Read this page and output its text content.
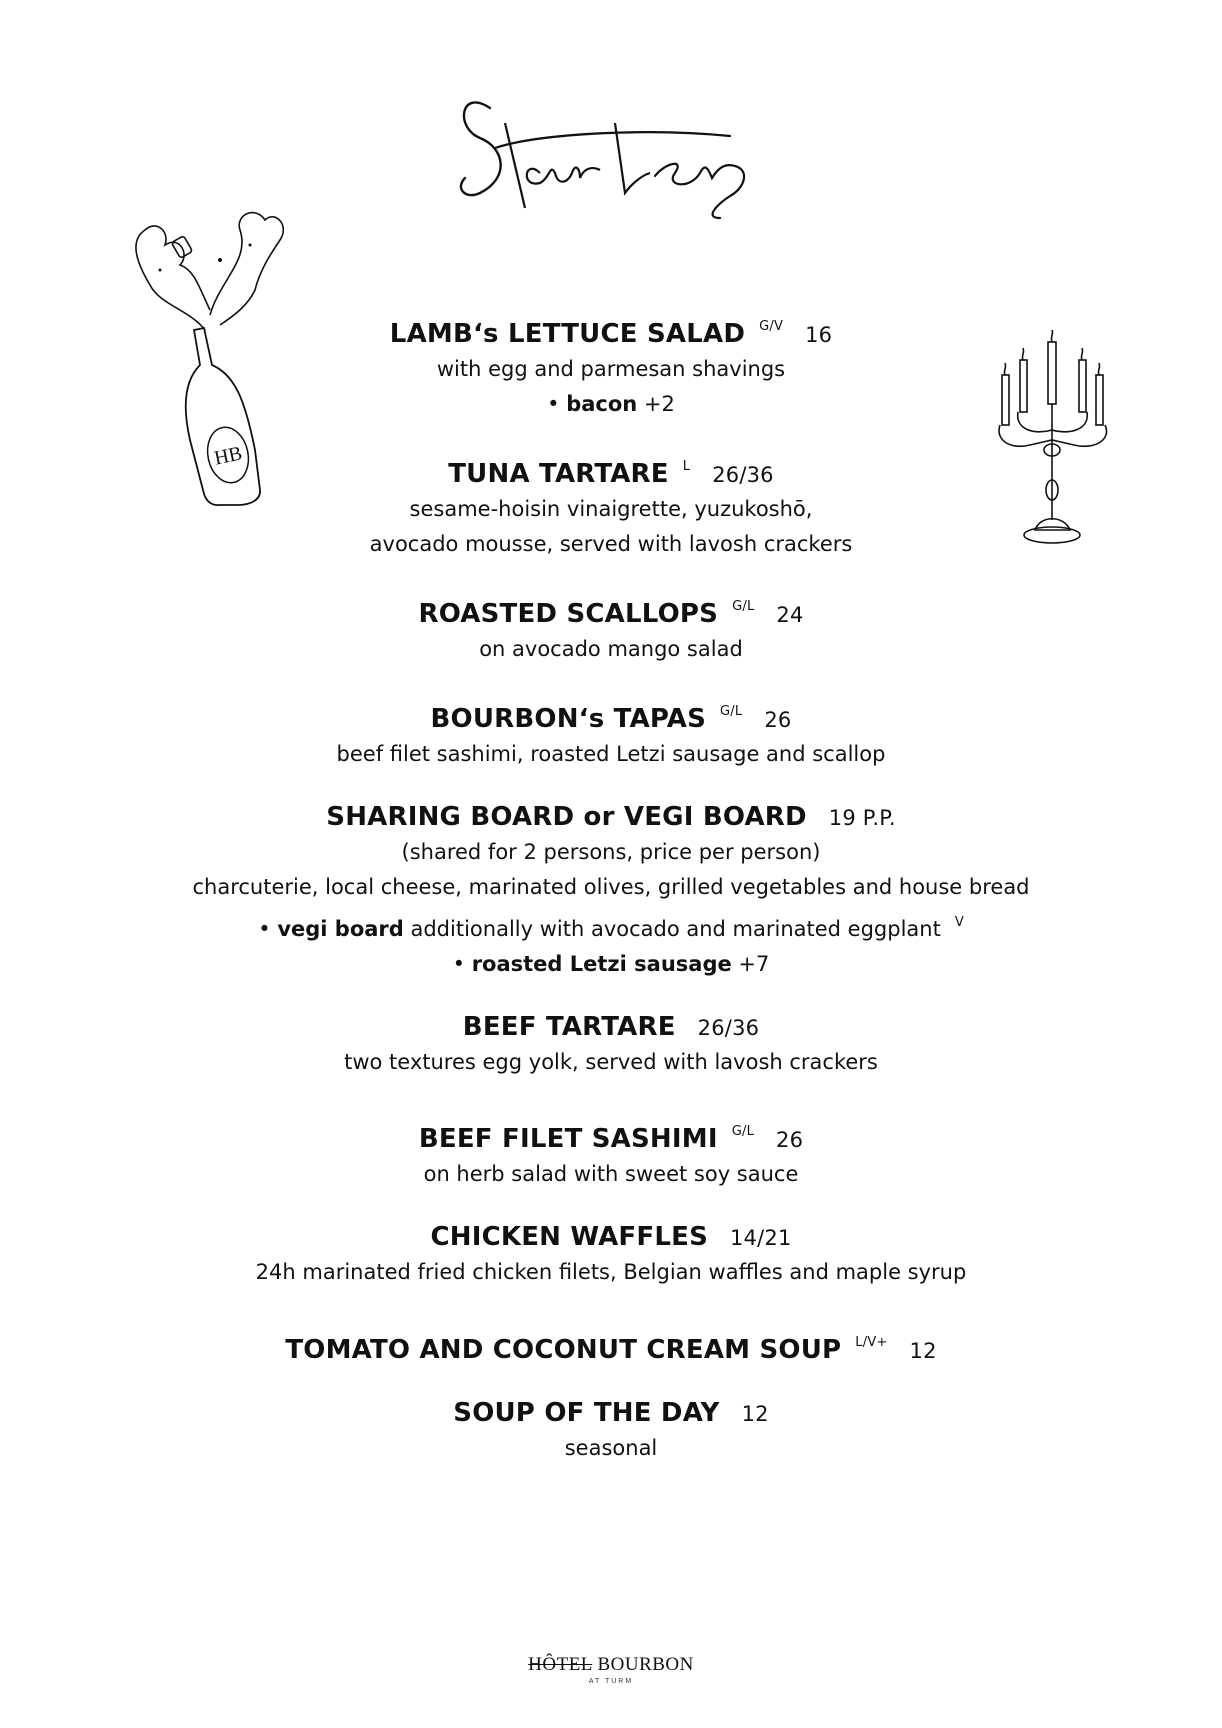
Starters
HB
LAMB‘s LETTUCE SALAD $^{G/V}$ 16
with egg and parmesan shavings
• bacon +2
TUNA TARTARE $^L$ 26/36
sesame-hoisin vinaigrette, yuzukoshō,
avocado mousse, served with lavosh crackers
ROASTED SCALLOPS $^{G/L}$ 24
on avocado mango salad
BOURBON‘s TAPAS $^{G/L}$ 26
beef filet sashimi, roasted Letzi sausage and scallop
SHARING BOARD or VEGI BOARD 19 P.P.
(shared for 2 persons, price per person)
charcuterie, local cheese, marinated olives, grilled vegetables and house bread
• vegi board additionally with avocado and marinated eggplant $^V$
• roasted Letzi sausage +7
BEEF TARTARE 26/36
two textures egg yolk, served with lavosh crackers
BEEF FILET SASHIMI $^{G/L}$ 26
on herb salad with sweet soy sauce
CHICKEN WAFFLES 14/21
24h marinated fried chicken filets, Belgian waffles and maple syrup
TOMATO AND COCONUT CREAM SOUP $^{L/V+}$ 12
SOUP OF THE DAY 12
seasonal
HÔTEL BOURBON
AT TURM
